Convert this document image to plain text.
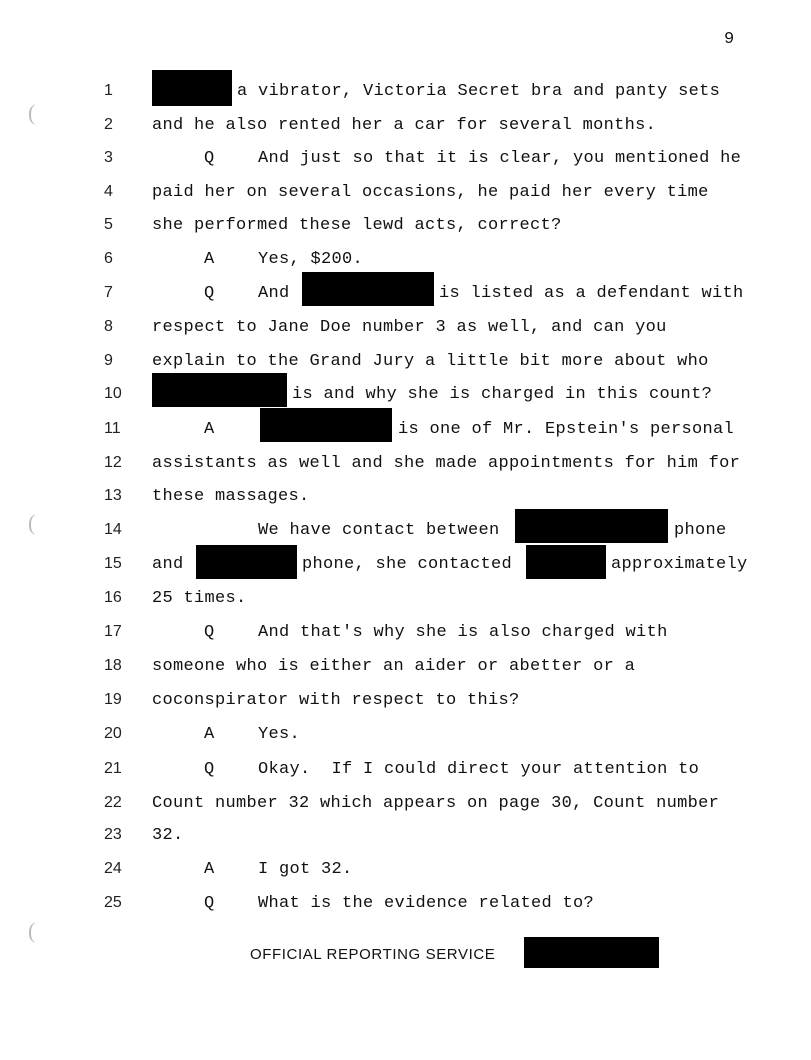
9
(
(
(
1	a vibrator, Victoria Secret bra and panty sets
2	and he also rented her a car for several months.
3	Q	And just so that it is clear, you mentioned he
4	paid her on several occasions, he paid her every time
5	she performed these lewd acts, correct?
6	A	Yes, $200.
7	Q	And	is listed as a defendant with
8	respect to Jane Doe number 3 as well, and can you
9	explain to the Grand Jury a little bit more about who
10	is and why she is charged in this count?
11	A	is one of Mr. Epstein's personal
12 assistants as well and she made appointments for him for
13 these massages.
14	We have contact between	phone
15 and	phone, she contacted	approximately
16 25 times.
17	Q	And that's why she is also charged with
18 someone who is either an aider or abetter or a
19 coconspirator with respect to this?
20	A	Yes.
21	Q	Okay.  If I could direct your attention to
22 Count number 32 which appears on page 30, Count number
23 32.
24	A	I got 32.
25	Q	What is the evidence related to?
OFFICIAL REPORTING SERVICE
